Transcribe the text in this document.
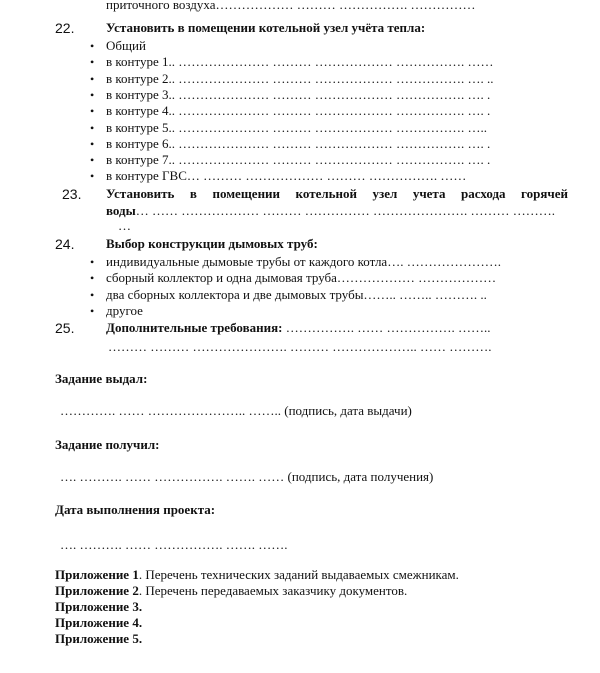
приточного воздуха……………… ……… ……………. ……………
22. Установить в помещении котельной узел учёта тепла:
• Общий
• в контуре 1.. ………………… ……… ……………… ……………. ……
• в контуре 2.. ………………… ……… ……………… ……………. …. ..
• в контуре 3.. ………………… ……… ……………… ……………. …. .
• в контуре 4.. ………………… ……… ……………… ……………. …. .
• в контуре 5.. ………………… ……… ……………… ……………. …..
• в контуре 6.. ………………… ……… ……………… ……………. …. .
• в контуре 7.. ………………… ……… ……………… ……………. …. .
• в контуре ГВС… ……… ……………… ……… ……………. ……
23. Установить в помещении котельной узел учета расхода горячей
воды… …… ……………… ……… …………… …………………. ……… ……….
…
24. Выбор конструкции дымовых труб:
• индивидуальные дымовые трубы от каждого котла…. ………………….
• сборный коллектор и одна дымовая труба……………… ………………
• два сборных коллектора и две дымовых трубы…….. …….. ………. ..
• другое
25. Дополнительные требования: ……………. …… ……………. ……..
……… ……… …………………. ……… ……………….. …… ……….
Задание выдал:
…………. …… ………………….. …….. (подпись, дата выдачи)
Задание получил:
…. ………. …… ……………. ……. …… (подпись, дата получения)
Дата выполнения проекта:
…. ………. …… ……………. ……. …….
Приложение 1. Перечень технических заданий выдаваемых смежникам.
Приложение 2. Перечень передаваемых заказчику документов.
Приложение 3.
Приложение 4.
Приложение 5.
